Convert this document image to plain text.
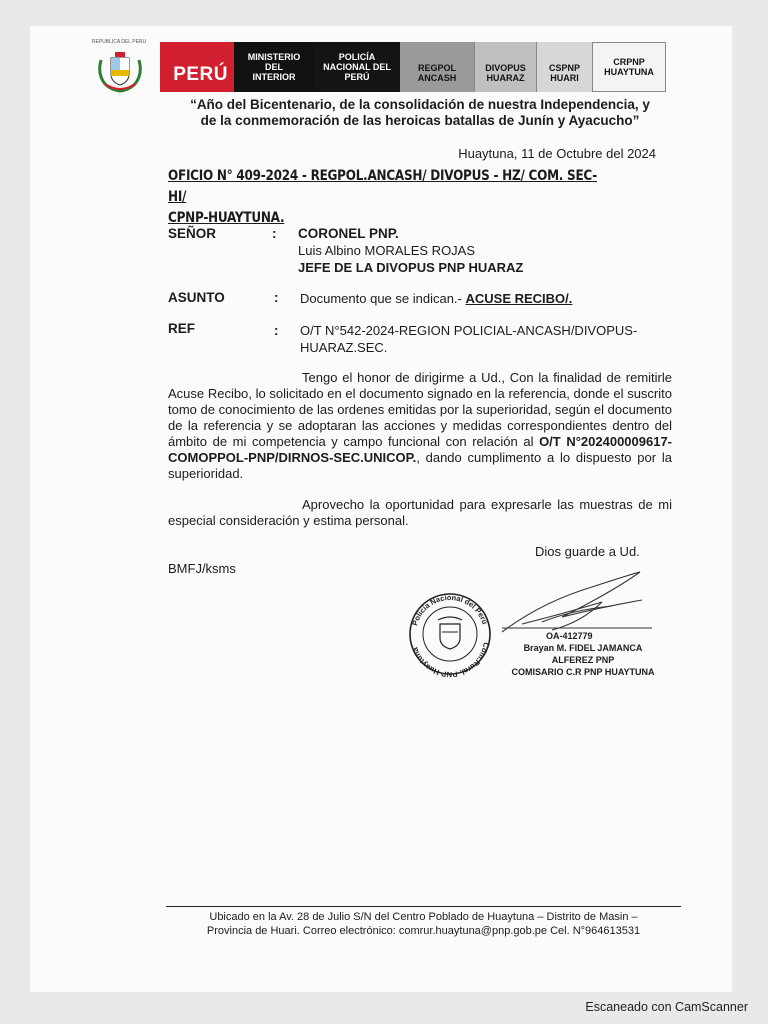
REPUBLICA DEL PERU
PERÚ
MINISTERIO
DEL
INTERIOR
POLICÍA
NACIONAL DEL
PERÚ
REGPOL
ANCASH
DIVOPUS
HUARAZ
CSPNP
HUARI
CRPNP
HUAYTUNA
“Año del Bicentenario, de la consolidación de nuestra Independencia, y
de la conmemoración de las heroicas batallas de Junín y Ayacucho”
Huaytuna, 11 de Octubre del 2024
OFICIO N° 409-2024 - REGPOL.ANCASH/ DIVOPUS - HZ/ COM. SEC- HI/
CPNP-HUAYTUNA.
SEÑOR	: CORONEL PNP.
Luis Albino MORALES ROJAS
JEFE DE LA DIVOPUS PNP HUARAZ
ASUNTO	: Documento que se indican.- ACUSE RECIBO/.
REF	: O/T N°542-2024-REGION POLICIAL-ANCASH/DIVOPUS-
HUARAZ.SEC.
Tengo el honor de dirigirme a Ud., Con la finalidad de remitirle Acuse Recibo, lo solicitado en el documento signado en la referencia, donde el suscrito tomo de conocimiento de las ordenes emitidas por la superioridad, según el documento de la referencia y se adoptaran las acciones y medidas correspondientes dentro del ámbito de mi competencia y campo funcional con relación al O/T N°202400009617-COMOPPOL-PNP/DIRNOS-SEC.UNICOP., dando cumplimento a lo dispuesto por la superioridad.
Aprovecho la oportunidad para expresarle las muestras de mi especial consideración y estima personal.
Dios guarde a Ud.
BMFJ/ksms
Policía Nacional del Perú
Com.Rural. PNP Huaytuna
OA-412779
Brayan M. FIDEL JAMANCA
ALFEREZ PNP
COMISARIO C.R PNP HUAYTUNA
Ubicado en la Av. 28 de Julio S/N del Centro Poblado de Huaytuna – Distrito de Masin –
Provincia de Huari. Correo electrónico: comrur.huaytuna@pnp.gob.pe Cel. N°964613531
Escaneado con CamScanner
